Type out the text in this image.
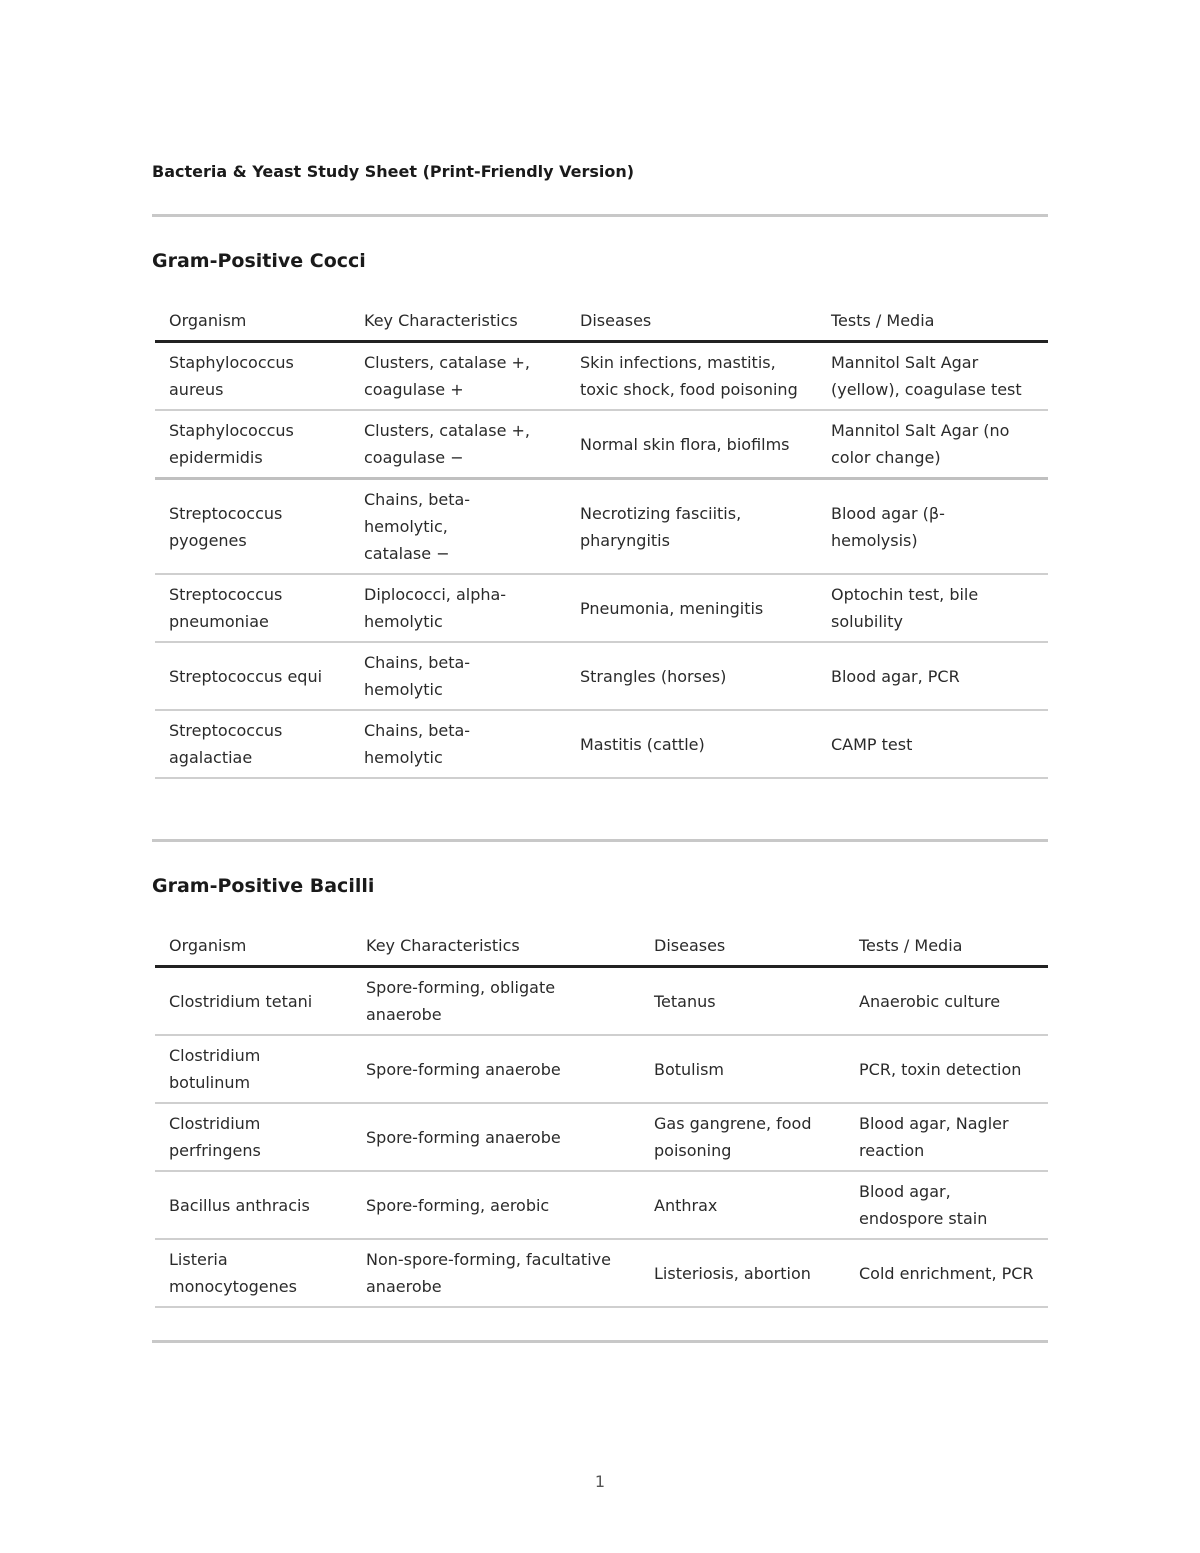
Bacteria & Yeast Study Sheet (Print-Friendly Version)
Gram-Positive Cocci
Organism	Key Characteristics	Diseases	Tests / Media
Staphylococcus aureus	Clusters, catalase +, coagulase +	Skin infections, mastitis, toxic shock, food poisoning	Mannitol Salt Agar (yellow), coagulase test
Staphylococcus epidermidis	Clusters, catalase +, coagulase −	Normal skin flora, biofilms	Mannitol Salt Agar (no color change)
Streptococcus pyogenes	Chains, beta-hemolytic, catalase −	Necrotizing fasciitis, pharyngitis	Blood agar (β-hemolysis)
Streptococcus pneumoniae	Diplococci, alpha-hemolytic	Pneumonia, meningitis	Optochin test, bile solubility
Streptococcus equi	Chains, beta-hemolytic	Strangles (horses)	Blood agar, PCR
Streptococcus agalactiae	Chains, beta-hemolytic	Mastitis (cattle)	CAMP test
Gram-Positive Bacilli
Organism	Key Characteristics	Diseases	Tests / Media
Clostridium tetani	Spore-forming, obligate anaerobe	Tetanus	Anaerobic culture
Clostridium botulinum	Spore-forming anaerobe	Botulism	PCR, toxin detection
Clostridium perfringens	Spore-forming anaerobe	Gas gangrene, food poisoning	Blood agar, Nagler reaction
Bacillus anthracis	Spore-forming, aerobic	Anthrax	Blood agar, endospore stain
Listeria monocytogenes	Non-spore-forming, facultative anaerobe	Listeriosis, abortion	Cold enrichment, PCR
1
